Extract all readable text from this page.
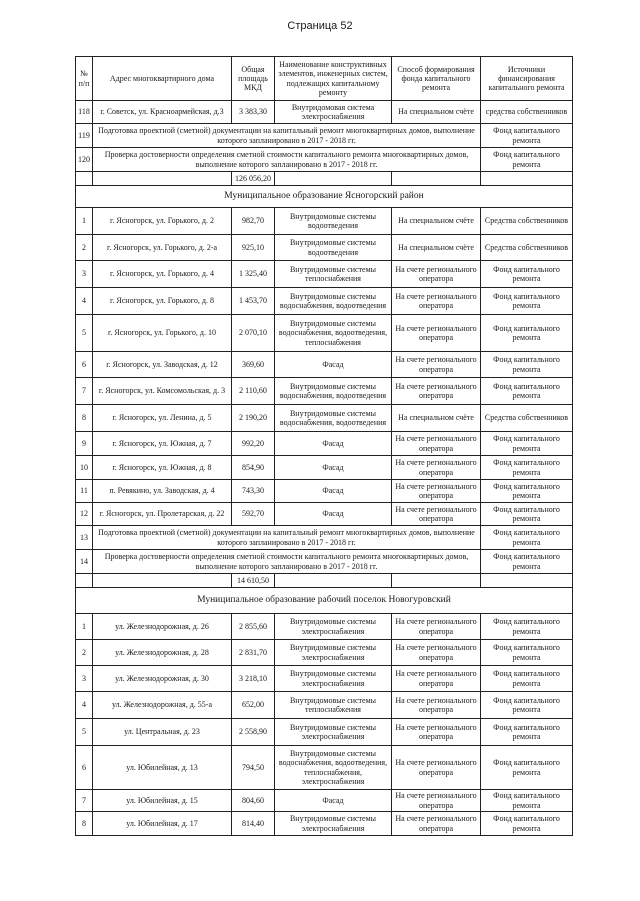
Страница 52
№ п/п	Адрес многоквартирного дома	Общая площадь МКД	Наименование конструктивных элементов, инженерных систем, подлежащих капитальному ремонту	Способ формирования фонда капитального ремонта	Источники финансирования капитального ремонта
118	г. Советск, ул. Красноармейская, д.3	3 383,30	Внутридомовая система электроснабжения	На специальном счёте	средства собственников
119	Подготовка проектной (сметной) документации на капитальный ремонт многоквартирных домов, выполнение которого запланировано в 2017 - 2018 гг.				Фонд капитального ремонта
120	Проверка достоверности определения сметной стоимости капитального ремонта многоквартирных домов, выполнение которого запланировано в 2017 - 2018 гг.				Фонд капитального ремонта
		126 056,20			
Муниципальное образование Ясногорский район					
1	г. Ясногорск, ул. Горького, д. 2	982,70	Внутридомовые системы водоотведения	На специальном счёте	Средства собственников
2	г. Ясногорск, ул. Горького, д. 2-а	925,10	Внутридомовые системы водоотведения	На специальном счёте	Средства собственников
3	г. Ясногорск, ул. Горького, д. 4	1 325,40	Внутридомовые системы теплоснабжения	На счете регионального оператора	Фонд капитального ремонта
4	г. Ясногорск, ул. Горького, д. 8	1 453,70	Внутридомовые системы водоснабжения, водоотведения	На счете регионального оператора	Фонд капитального ремонта
5	г. Ясногорск, ул. Горького, д. 10	2 070,10	Внутридомовые системы водоснабжения, водоотведения, теплоснабжения	На счете регионального оператора	Фонд капитального ремонта
6	г. Ясногорск, ул. Заводская, д. 12	369,60	Фасад	На счете регионального оператора	Фонд капитального ремонта
7	г. Ясногорск, ул. Комсомольская, д. 3	2 110,60	Внутридомовые системы водоснабжения, водоотведения	На счете регионального оператора	Фонд капитального ремонта
8	г. Ясногорск, ул. Ленина, д. 5	2 190,20	Внутридомовые системы водоснабжения, водоотведения	На специальном счёте	Средства собственников
9	г. Ясногорск, ул. Южная, д. 7	992,20	Фасад	На счете регионального оператора	Фонд капитального ремонта
10	г. Ясногорск, ул. Южная, д. 8	854,90	Фасад	На счете регионального оператора	Фонд капитального ремонта
11	п. Ревякино, ул. Заводская, д. 4	743,30	Фасад	На счете регионального оператора	Фонд капитального ремонта
12	г. Ясногорск, ул. Пролетарская, д. 22	592,70	Фасад	На счете регионального оператора	Фонд капитального ремонта
13	Подготовка проектной (сметной) документации на капитальный ремонт многоквартирных домов, выполнение которого запланировано в 2017 - 2018 гг.				Фонд капитального ремонта
14	Проверка достоверности определения сметной стоимости капитального ремонта многоквартирных домов, выполнение которого запланировано в 2017 - 2018 гг.				Фонд капитального ремонта
		14 610,50			
Муниципальное образование рабочий поселок Новогуровский					
1	ул. Железнодорожная, д. 26	2 855,60	Внутридомовые системы электроснабжения	На счете регионального оператора	Фонд капитального ремонта
2	ул. Железнодорожная, д. 28	2 831,70	Внутридомовые системы электроснабжения	На счете регионального оператора	Фонд капитального ремонта
3	ул. Железнодорожная, д. 30	3 218,10	Внутридомовые системы электроснабжения	На счете регионального оператора	Фонд капитального ремонта
4	ул. Железнодорожная, д. 55-а	652,00	Внутридомовые системы теплоснабжения	На счете регионального оператора	Фонд капитального ремонта
5	ул. Центральная, д. 23	2 558,90	Внутридомовые системы электроснабжения	На счете регионального оператора	Фонд капитального ремонта
6	ул. Юбилейная, д. 13	794,50	Внутридомовые системы водоснабжения, водоотведения, теплоснабжения, электроснабжения	На счете регионального оператора	Фонд капитального ремонта
7	ул. Юбилейная, д. 15	804,60	Фасад	На счете регионального оператора	Фонд капитального ремонта
8	ул. Юбилейная, д. 17	814,40	Внутридомовые системы электроснабжения	На счете регионального оператора	Фонд капитального ремонта
